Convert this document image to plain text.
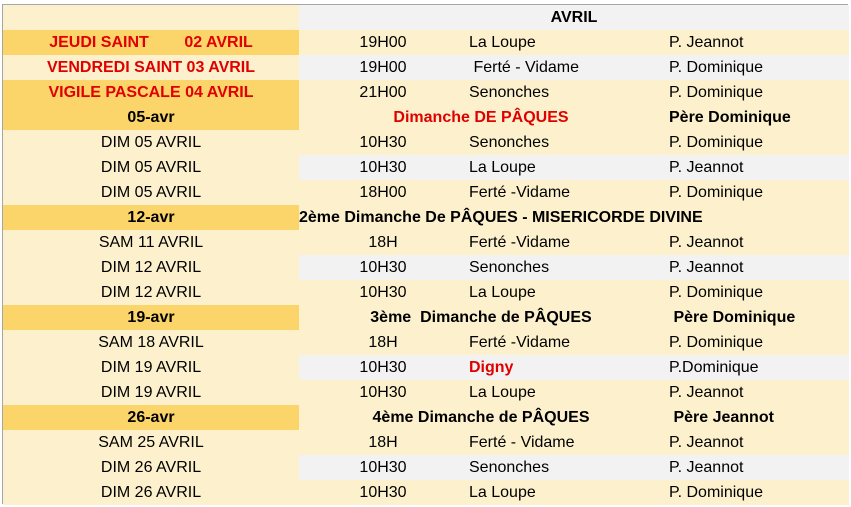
AVRIL
JEUDI SAINT        02 AVRIL	19H00	La Loupe	P. Jeannot
VENDREDI SAINT 03 AVRIL	19H00	Ferté - Vidame	P. Dominique
VIGILE PASCALE 04 AVRIL	21H00	Senonches	P. Dominique
05-avr	Dimanche DE PÂQUES	Père Dominique
DIM 05 AVRIL	10H30	Senonches	P. Dominique
DIM 05 AVRIL	10H30	La Loupe	P. Jeannot
DIM 05 AVRIL	18H00	Ferté -Vidame	P. Dominique
12-avr	2ème Dimanche De PÂQUES - MISERICORDE DIVINE
SAM 11 AVRIL	18H	Ferté -Vidame	P. Jeannot
DIM 12 AVRIL	10H30	Senonches	P. Jeannot
DIM 12 AVRIL	10H30	La Loupe	P. Dominique
19-avr	3ème  Dimanche de PÂQUES	Père Dominique
SAM 18 AVRIL	18H	Ferté -Vidame	P. Dominique
DIM 19 AVRIL	10H30	Digny	P.Dominique
DIM 19 AVRIL	10H30	La Loupe	P. Jeannot
26-avr	4ème Dimanche de PÂQUES	Père Jeannot
SAM 25 AVRIL	18H	Ferté - Vidame	P. Jeannot
DIM 26 AVRIL	10H30	Senonches	P. Jeannot
DIM 26 AVRIL	10H30	La Loupe	P. Dominique
